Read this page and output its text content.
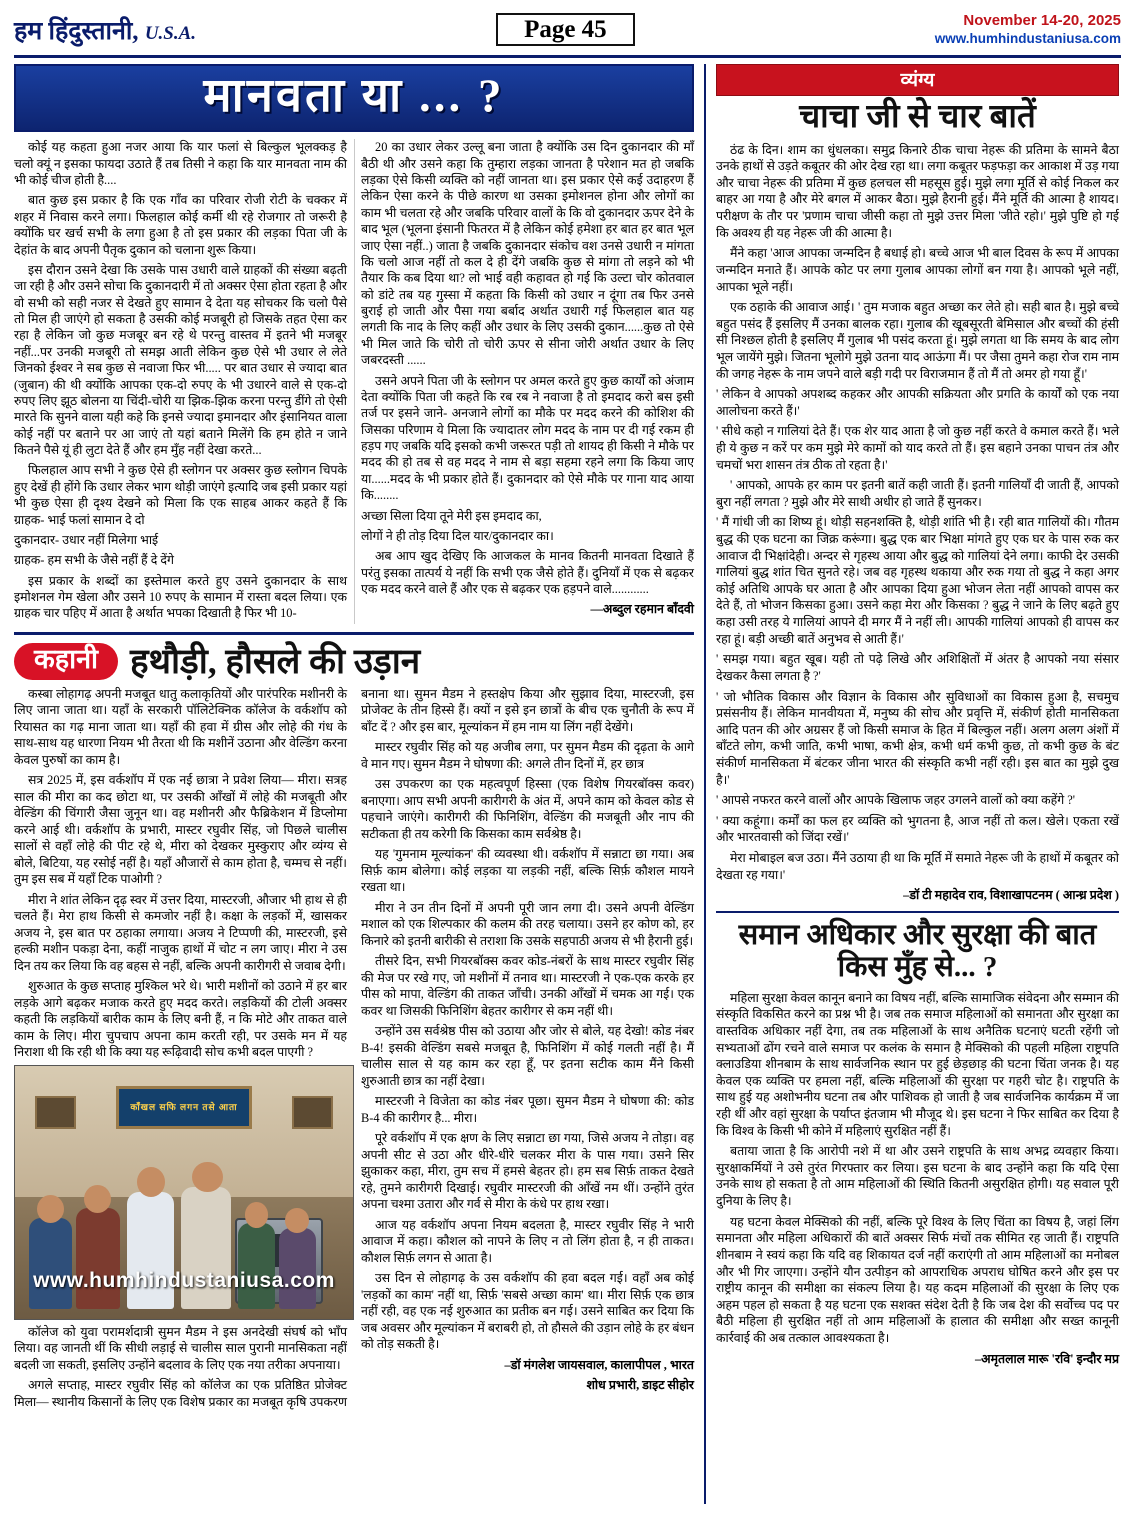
हम हिंदुस्तानी, U.S.A.	Page 45	November 14-20, 2025
www.humhindustaniusa.com
मानवता या ... ?

कोई यह कहता हुआ नजर आया कि यार फलां से बिल्कुल भूलक्कड़ है चलो क्यूं न इसका फायदा उठाते हैं तब तिसी ने कहा कि यार मानवता नाम की भी कोई चीज होती है....

बात कुछ इस प्रकार है कि एक गाँव का परिवार रोजी रोटी के चक्कर में शहर में निवास करने लगा। फिलहाल कोई कर्मी थी रहे रोजगार तो जरूरी है क्योंकि घर खर्च सभी के लगा हुआ है तो इस प्रकार की लड़का पिता जी के देहांत के बाद अपनी पैतृक दुकान को चलाना शुरू किया।

इस दौरान उसने देखा कि उसके पास उधारी वाले ग्राहकों की संख्या बढ़ती जा रही है और उसने सोचा कि दुकानदारी में तो अक्सर ऐसा होता रहता है और वो सभी को सही नजर से देखते हुए सामान दे देता यह सोचकर कि चलो पैसे तो मिल ही जाएंगे हो सकता है उसकी कोई मजबूरी हो जिसके तहत ऐसा कर रहा है लेकिन जो कुछ मजबूर बन रहे थे परन्तु वास्तव में इतने भी मजबूर नहीं...पर उनकी मजबूरी तो समझ आती लेकिन कुछ ऐसे भी उधार ले लेते जिनको ईश्वर ने सब कुछ से नवाजा फिर भी..... पर बात उधार से ज्यादा बात (जुबान) की थी क्योंकि आपका एक-दो रुपए के भी उधारने वाले से एक-दो रुपए लिए झूठ बोलना या चिंदी-चोरी या झिक-झिक करना परन्तु डींगे तो ऐसी मारते कि सुनने वाला यही कहे कि इनसे ज्यादा इमानदार और इंसानियत वाला कोई नहीं पर बताने पर आ जाएं तो यहां बताने मिलेंगे कि हम होते न जाने कितने पैसे यूं ही लुटा देते हैं और हम मुँह नहीं देखा करते...

फिलहाल आप सभी ने कुछ ऐसे ही स्लोगन पर अक्सर कुछ स्लोगन चिपके हुए देखें ही होंगे कि उधार लेकर भाग थोड़ी जाएंगे इत्यादि जब इसी प्रकार यहां भी कुछ ऐसा ही दृश्य देखने को मिला कि एक साहब आकर कहते हैं कि ग्राहक- भाई फलां सामान दे दो

दुकानदार- उधार नहीं मिलेगा भाई

ग्राहक- हम सभी के जैसे नहीं हैं दे देंगे

इस प्रकार के शब्दों का इस्तेमाल करते हुए उसने दुकानदार के साथ इमोशनल गेम खेला और उसने 10 रुपए के सामान में रास्ता बदल लिया। एक ग्राहक चार पहिए में आता है अर्थात भपका दिखाती है फिर भी 10-

20 का उधार लेकर उल्लू बना जाता है क्योंकि उस दिन दुकानदार की माँ बैठी थी और उसने कहा कि तुम्हारा लड़का जानता है परेशान मत हो जबकि लड़का ऐसे किसी व्यक्ति को नहीं जानता था। इस प्रकार ऐसे कई उदाहरण हैं लेकिन ऐसा करने के पीछे कारण था उसका इमोशनल होना और लोगों का काम भी चलता रहे और जबकि परिवार वालों के कि वो दुकानदार ऊपर देने के बाद भूल (भूलना इंसानी फितरत में है लेकिन कोई हमेशा हर बात हर बात भूल जाए ऐसा नहीं..) जाता है जबकि दुकानदार संकोच वश उनसे उधारी न मांगता कि चलो आज नहीं तो कल दे ही देंगे जबकि कुछ से मांगा तो लड़ने को भी तैयार कि कब दिया था? लो भाई वही कहावत हो गई कि उल्टा चोर कोतवाल को डांटे तब यह गुस्सा में कहता कि किसी को उधार न दूंगा तब फिर उनसे बुराई हो जाती और पैसा गया बर्बाद अर्थात उधारी गई फिलहाल बात यह लगती कि नाद के लिए कहीं और उधार के लिए उसकी दुकान......कुछ तो ऐसे भी मिल जाते कि चोरी तो चोरी ऊपर से सीना जोरी अर्थात उधार के लिए जबरदस्ती ......

उसने अपने पिता जी के स्लोगन पर अमल करते हुए कुछ कार्यों को अंजाम देता क्योंकि पिता जी कहते कि रब रब ने नवाजा है तो इमदाद करो बस इसी तर्ज पर इसने जाने- अनजाने लोगों का मौके पर मदद करने की कोशिश की जिसका परिणाम ये मिला कि ज्यादातर लोग मदद के नाम पर दी गई रकम ही हड़प गए जबकि यदि इसको कभी जरूरत पड़ी तो शायद ही किसी ने मौके पर मदद की हो तब से वह मदद ने नाम से बड़ा सहमा रहने लगा कि किया जाए या......मदद के भी प्रकार होते हैं। दुकानदार को ऐसे मौके पर गाना याद आया कि........

अच्छा सिला दिया तूने मेरी इस इमदाद का,

लोगों ने ही तोड़ दिया दिल यार/दुकानदार का।

अब आप खुद देखिए कि आजकल के मानव कितनी मानवता दिखाते हैं परंतु इसका तात्पर्य ये नहीं कि सभी एक जैसे होते हैं। दुनियाँ में एक से बढ़कर एक मदद करने वाले हैं और एक से बढ़कर एक हड़पने वाले............

—अब्दुल रहमान बाँदवी

कहानी हथौड़ी, हौसले की उड़ान

कस्बा लोहागढ़ अपनी मजबूत धातु कलाकृतियों और पारंपरिक मशीनरी के लिए जाना जाता था। यहाँ के सरकारी पॉलिटेक्निक कॉलेज के वर्कशॉप को रियासत का गढ़ माना जाता था। यहाँ की हवा में ग्रीस और लोहे की गंध के साथ-साथ यह धारणा नियम भी तैरता थी कि मशीनें उठाना और वेल्डिंग करना केवल पुरुषों का काम है।

सत्र 2025 में, इस वर्कशॉप में एक नई छात्रा ने प्रवेश लिया— मीरा। सत्रह साल की मीरा का कद छोटा था, पर उसकी आँखों में लोहे की मजबूती और वेल्डिंग की चिंगारी जैसा जुनून था। वह मशीनरी और फैब्रिकेशन में डिप्लोमा करने आई थी। वर्कशॉप के प्रभारी, मास्टर रघुवीर सिंह, जो पिछले चालीस सालों से वहाँ लोहे की पीट रहे थे, मीरा को देखकर मुस्कुराए और व्यंग्य से बोले, बिटिया, यह रसोई नहीं है। यहाँ औजारों से काम होता है, चम्मच से नहीं। तुम इस सब में यहाँ टिक पाओगी ?

मीरा ने शांत लेकिन दृढ़ स्वर में उत्तर दिया, मास्टरजी, औजार भी हाथ से ही चलते हैं। मेरा हाथ किसी से कमजोर नहीं है। कक्षा के लड़कों में, खासकर अजय ने, इस बात पर ठहाका लगाया। अजय ने टिप्पणी की, मास्टरजी, इसे हल्की मशीन पकड़ा देना, कहीं नाजुक हाथों में चोट न लग जाए। मीरा ने उस दिन तय कर लिया कि वह बहस से नहीं, बल्कि अपनी कारीगरी से जवाब देगी।

शुरुआत के कुछ सप्ताह मुश्किल भरे थे। भारी मशीनों को उठाने में हर बार लड़के आगे बढ़कर मजाक करते हुए मदद करते। लड़कियों की टोली अक्सर कहती कि लड़कियों बारीक काम के लिए बनी हैं, न कि मोटे और ताकत वाले काम के लिए। मीरा चुपचाप अपना काम करती रही, पर उसके मन में यह निराशा थी कि रही थी कि क्या यह रूढ़िवादी सोच कभी बदल पाएगी ?

काँखल सफि लगन तसे आता
www.humhindustaniusa.com

कॉलेज को युवा परामर्शदात्री सुमन मैडम ने इस अनदेखी संघर्ष को भाँप लिया। वह जानती थीं कि सीधी लड़ाई से चालीस साल पुरानी मानसिकता नहीं बदली जा सकती, इसलिए उन्होंने बदलाव के लिए एक नया तरीका अपनाया।

अगले सप्ताह, मास्टर रघुवीर सिंह को कॉलेज का एक प्रतिष्ठित प्रोजेक्ट मिला— स्थानीय किसानों के लिए एक विशेष प्रकार का मजबूत कृषि उपकरण बनाना था। सुमन मैडम ने हस्तक्षेप किया और सुझाव दिया, मास्टरजी, इस प्रोजेक्ट के तीन हिस्से हैं। क्यों न इसे इन छात्रों के बीच एक चुनौती के रूप में बाँट दें ? और इस बार, मूल्यांकन में हम नाम या लिंग नहीं देखेंगे।

मास्टर रघुवीर सिंह को यह अजीब लगा, पर सुमन मैडम की दृढ़ता के आगे वे मान गए। सुमन मैडम ने घोषणा की: अगले तीन दिनों में, हर छात्र

उस उपकरण का एक महत्वपूर्ण हिस्सा (एक विशेष गियरबॉक्स कवर) बनाएगा। आप सभी अपनी कारीगरी के अंत में, अपने काम को केवल कोड से पहचाने जाएंगे। कारीगरी की फिनिशिंग, वेल्डिंग की मजबूती और नाप की सटीकता ही तय करेगी कि किसका काम सर्वश्रेष्ठ है।

यह 'गुमनाम मूल्यांकन' की व्यवस्था थी। वर्कशॉप में सन्नाटा छा गया। अब सिर्फ़ काम बोलेगा। कोई लड़का या लड़की नहीं, बल्कि सिर्फ़ कौशल मायने रखता था।

मीरा ने उन तीन दिनों में अपनी पूरी जान लगा दी। उसने अपनी वेल्डिंग मशाल को एक शिल्पकार की कलम की तरह चलाया। उसने हर कोण को, हर किनारे को इतनी बारीकी से तराशा कि उसके सहपाठी अजय से भी हैरानी हुई।

तीसरे दिन, सभी गियरबॉक्स कवर कोड-नंबरों के साथ मास्टर रघुवीर सिंह की मेज पर रखे गए, जो मशीनों में तनाव था। मास्टरजी ने एक-एक करके हर पीस को मापा, वेल्डिंग की ताकत जाँची। उनकी आँखों में चमक आ गई। एक कवर था जिसकी फिनिशिंग बेहतर कारीगर से कम नहीं थी।

उन्होंने उस सर्वश्रेष्ठ पीस को उठाया और जोर से बोले, यह देखो! कोड नंबर B-4! इसकी वेल्डिंग सबसे मजबूत है, फिनिशिंग में कोई गलती नहीं है। मैं चालीस साल से यह काम कर रहा हूँ, पर इतना सटीक काम मैंने किसी शुरुआती छात्र का नहीं देखा।

मास्टरजी ने विजेता का कोड नंबर पूछा। सुमन मैडम ने घोषणा की: कोड B-4 की कारीगर है... मीरा।

पूरे वर्कशॉप में एक क्षण के लिए सन्नाटा छा गया, जिसे अजय ने तोड़ा। वह अपनी सीट से उठा और धीरे-धीरे चलकर मीरा के पास गया। उसने सिर झुकाकर कहा, मीरा, तुम सच में हमसे बेहतर हो। हम सब सिर्फ़ ताकत देखते रहे, तुमने कारीगरी दिखाई। रघुवीर मास्टरजी की आँखें नम थीं। उन्होंने तुरंत अपना चश्मा उतारा और गर्व से मीरा के कंधे पर हाथ रखा।

आज यह वर्कशॉप अपना नियम बदलता है, मास्टर रघुवीर सिंह ने भारी आवाज में कहा। कौशल को नापने के लिए न तो लिंग होता है, न ही ताकत। कौशल सिर्फ़ लगन से आता है।

उस दिन से लोहागढ़ के उस वर्कशॉप की हवा बदल गई। वहाँ अब कोई 'लड़कों का काम' नहीं था, सिर्फ़ 'सबसे अच्छा काम' था। मीरा सिर्फ़ एक छात्र नहीं रही, वह एक नई शुरुआत का प्रतीक बन गई। उसने साबित कर दिया कि जब अवसर और मूल्यांकन में बराबरी हो, तो हौसले की उड़ान लोहे के हर बंधन को तोड़ सकती है।

–डॉ मंगलेश जायसवाल, कालापीपल , भारत

शोध प्रभारी, डाइट सीहोर

व्यंग्य
चाचा जी से चार बातें

ठंढ के दिन। शाम का धुंधलका। समुद्र किनारे ठीक चाचा नेहरू की प्रतिमा के सामने बैठा उनके हाथों से उड़ते कबूतर की ओर देख रहा था। लगा कबूतर फड़फड़ा कर आकाश में उड़ गया और चाचा नेहरू की प्रतिमा में कुछ हलचल सी महसूस हुई। मुझे लगा मूर्ति से कोई निकल कर बाहर आ गया है और मेरे बगल में आकर बैठा। मुझे हैरानी हुई। मैंने मूर्ति की आत्मा है शायद। परीक्षण के तौर पर 'प्रणाम चाचा जीसी कहा तो मुझे उत्तर मिला 'जीते रहो।' मुझे पुष्टि हो गई कि अवश्य ही यह नेहरू जी की आत्मा है।

मैंने कहा 'आज आपका जन्मदिन है बधाई हो। बच्चे आज भी बाल दिवस के रूप में आपका जन्मदिन मनाते हैं। आपके कोट पर लगा गुलाब आपका लोगों बन गया है। आपको भूले नहीं, आपका भूले नहीं।

एक ठहाके की आवाज आई। ' तुम मजाक बहुत अच्छा कर लेते हो। सही बात है। मुझे बच्चे बहुत पसंद हैं इसलिए मैं उनका बालक रहा। गुलाब की खूबसूरती बेमिसाल और बच्चों की हंसी सी निश्छल होती है इसलिए मैं गुलाब भी पसंद करता हूं। मुझे लगता था कि समय के बाद लोग भूल जायेंगे मुझे। जितना भूलोगे मुझे उतना याद आऊंगा मैं। पर जैसा तुमने कहा रोज राम नाम की जगह नेहरू के नाम जपने वाले बड़ी गदी पर विराजमान हैं तो मैं तो अमर हो गया हूँ।'

' लेकिन वे आपको अपशब्द कहकर और आपकी सक्रियता और प्रगति के कार्यों को एक नया आलोचना करते हैं।'

' सीधे कहो न गालियां देते हैं। एक शेर याद आता है जो कुछ नहीं करते वे कमाल करते हैं। भले ही ये कुछ न करें पर कम मुझे मेरे कामों को याद करते तो हैं। इस बहाने उनका पाचन तंत्र और चमचों भरा शासन तंत्र ठीक तो रहता है।'

' आपको, आपके हर काम पर इतनी बातें कही जाती हैं। इतनी गालियाँ दी जाती हैं, आपको बुरा नहीं लगता ? मुझे और मेरे साथी अधीर हो जाते हैं सुनकर।

' मैं गांधी जी का शिष्य हूं। थोड़ी सहनशक्ति है, थोड़ी शांति भी है। रही बात गालियों की। गौतम बुद्ध की एक घटना का जिक्र करूंगा। बुद्ध एक बार भिक्षा मांगते हुए एक घर के पास रुक कर आवाज दी भिक्षांदेही। अन्दर से गृहस्थ आया और बुद्ध को गालियां देने लगा। काफी देर उसकी गालियां बुद्ध शांत चित सुनते रहे। जब वह गृहस्थ थकाया और रुक गया तो बुद्ध ने कहा अगर कोई अतिथि आपके घर आता है और आपका दिया हुआ भोजन लेता नहीं आपको वापस कर देते हैं, तो भोजन किसका हुआ। उसने कहा मेरा और किसका ? बुद्ध ने जाने के लिए बढ़ते हुए कहा उसी तरह ये गालियां आपने दी मगर मैं ने नहीं ली। आपकी गालियां आपको ही वापस कर रहा हूं। बड़ी अच्छी बातें अनुभव से आती हैं।'

' समझ गया। बहुत खूब। यही तो पढ़े लिखे और अशिक्षितों में अंतर है आपको नया संसार देखकर कैसा लगता है ?'

' जो भौतिक विकास और विज्ञान के विकास और सुविधाओं का विकास हुआ है, सचमुच प्रसंसनीय हैं। लेकिन मानवीयता में, मनुष्य की सोच और प्रवृत्ति में, संकीर्ण होती मानसिकता आदि पतन की ओर अग्रसर हैं जो किसी समाज के हित में बिल्कुल नहीं। अलग अलग अंशों में बाँटते लोग, कभी जाति, कभी भाषा, कभी क्षेत्र, कभी धर्म कभी कुछ, तो कभी कुछ के बंट संकीर्ण मानसिकता में बंटकर जीना भारत की संस्कृति कभी नहीं रही। इस बात का मुझे दुख है।'

' आपसे नफरत करने वालों और आपके खिलाफ जहर उगलने वालों को क्या कहेंगे ?'

' क्या कहूंगा। कर्मों का फल हर व्यक्ति को भुगतना है, आज नहीं तो कल। खेले। एकता रखें और भारतवासी को जिंदा रखें।'

मेरा मोबाइल बज उठा। मैंने उठाया ही था कि मूर्ति में समाते नेहरू जी के हाथों में कबूतर को देखता रह गया।'

–डॉ टी महादेव राव, विशाखापटनम ( आन्ध्र प्रदेश )

समान अधिकार और सुरक्षा की बात किस मुँह से... ?

महिला सुरक्षा केवल कानून बनाने का विषय नहीं, बल्कि सामाजिक संवेदना और सम्मान की संस्कृति विकसित करने का प्रश्न भी है। जब तक समाज महिलाओं को समानता और सुरक्षा का वास्तविक अधिकार नहीं देगा, तब तक महिलाओं के साथ अनैतिक घटनाएं घटती रहेंगी जो सभ्यताओं ढोंग रचने वाले समाज पर कलंक के समान है मेक्सिको की पहली महिला राष्ट्रपति क्लाउडिया शीनबाम के साथ सार्वजनिक स्थान पर हुई छेड़छाड़ की घटना चिंता जनक है। यह केवल एक व्यक्ति पर हमला नहीं, बल्कि महिलाओं की सुरक्षा पर गहरी चोट है। राष्ट्रपति के साथ हुई यह अशोभनीय घटना तब और पाशिवक हो जाती है जब सार्वजनिक कार्यक्रम में जा रही थीं और वहां सुरक्षा के पर्याप्त इंतजाम भी मौजूद थे। इस घटना ने फिर साबित कर दिया है कि विश्व के किसी भी कोने में महिलाएं सुरक्षित नहीं हैं।

बताया जाता है कि आरोपी नशे में था और उसने राष्ट्रपति के साथ अभद्र व्यवहार किया। सुरक्षाकर्मियों ने उसे तुरंत गिरफ्तार कर लिया। इस घटना के बाद उन्होंने कहा कि यदि ऐसा उनके साथ हो सकता है तो आम महिलाओं की स्थिति कितनी असुरक्षित होगी। यह सवाल पूरी दुनिया के लिए है।

यह घटना केवल मेक्सिको की नहीं, बल्कि पूरे विश्व के लिए चिंता का विषय है, जहां लिंग समानता और महिला अधिकारों की बातें अक्सर सिर्फ मंचों तक सीमित रह जाती हैं। राष्ट्रपति शीनबाम ने स्वयं कहा कि यदि वह शिकायत दर्ज नहीं कराएंगी तो आम महिलाओं का मनोबल और भी गिर जाएगा। उन्होंने यौन उत्पीड़न को आपराधिक अपराध घोषित करने और इस पर राष्ट्रीय कानून की समीक्षा का संकल्प लिया है। यह कदम महिलाओं की सुरक्षा के लिए एक अहम पहल हो सकता है यह घटना एक सशक्त संदेश देती है कि जब देश की सर्वोच्च पद पर बैठी महिला ही सुरक्षित नहीं तो आम महिलाओं के हालात की समीक्षा और सख्त कानूनी कार्रवाई की अब तत्काल आवश्यकता है।

–अमृतलाल मारू 'रवि' इन्दौर मप्र
